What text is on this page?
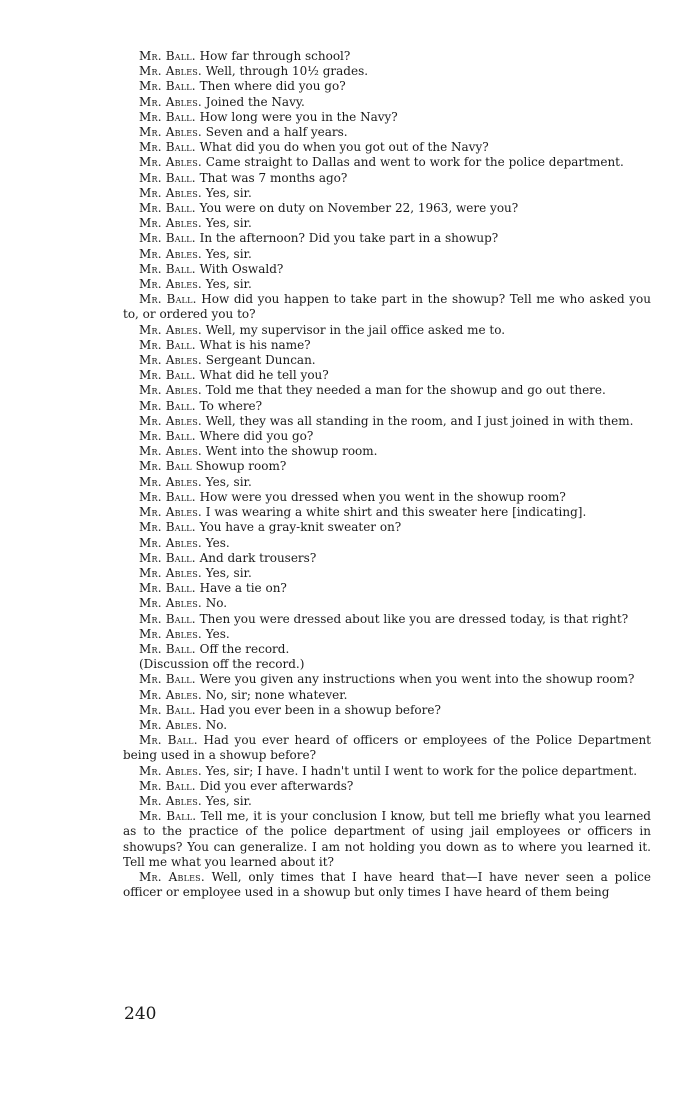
Mr. Ball. How far through school?

Mr. Ables. Well, through 10½ grades.

Mr. Ball. Then where did you go?

Mr. Ables. Joined the Navy.

Mr. Ball. How long were you in the Navy?

Mr. Ables. Seven and a half years.

Mr. Ball. What did you do when you got out of the Navy?

Mr. Ables. Came straight to Dallas and went to work for the police department.

Mr. Ball. That was 7 months ago?

Mr. Ables. Yes, sir.

Mr. Ball. You were on duty on November 22, 1963, were you?

Mr. Ables. Yes, sir.

Mr. Ball. In the afternoon? Did you take part in a showup?

Mr. Ables. Yes, sir.

Mr. Ball. With Oswald?

Mr. Ables. Yes, sir.

Mr. Ball. How did you happen to take part in the showup? Tell me who asked you to, or ordered you to?

Mr. Ables. Well, my supervisor in the jail office asked me to.

Mr. Ball. What is his name?

Mr. Ables. Sergeant Duncan.

Mr. Ball. What did he tell you?

Mr. Ables. Told me that they needed a man for the showup and go out there.

Mr. Ball. To where?

Mr. Ables. Well, they was all standing in the room, and I just joined in with them.

Mr. Ball. Where did you go?

Mr. Ables. Went into the showup room.

Mr. Ball Showup room?

Mr. Ables. Yes, sir.

Mr. Ball. How were you dressed when you went in the showup room?

Mr. Ables. I was wearing a white shirt and this sweater here [indicating].

Mr. Ball. You have a gray-knit sweater on?

Mr. Ables. Yes.

Mr. Ball. And dark trousers?

Mr. Ables. Yes, sir.

Mr. Ball. Have a tie on?

Mr. Ables. No.

Mr. Ball. Then you were dressed about like you are dressed today, is that right?

Mr. Ables. Yes.

Mr. Ball. Off the record.

(Discussion off the record.)

Mr. Ball. Were you given any instructions when you went into the showup room?

Mr. Ables. No, sir; none whatever.

Mr. Ball. Had you ever been in a showup before?

Mr. Ables. No.

Mr. Ball. Had you ever heard of officers or employees of the Police Department being used in a showup before?

Mr. Ables. Yes, sir; I have. I hadn't until I went to work for the police department.

Mr. Ball. Did you ever afterwards?

Mr. Ables. Yes, sir.

Mr. Ball. Tell me, it is your conclusion I know, but tell me briefly what you learned as to the practice of the police department of using jail employees or officers in showups? You can generalize. I am not holding you down as to where you learned it. Tell me what you learned about it?

Mr. Ables. Well, only times that I have heard that—I have never seen a police officer or employee used in a showup but only times I have heard of them being

240
